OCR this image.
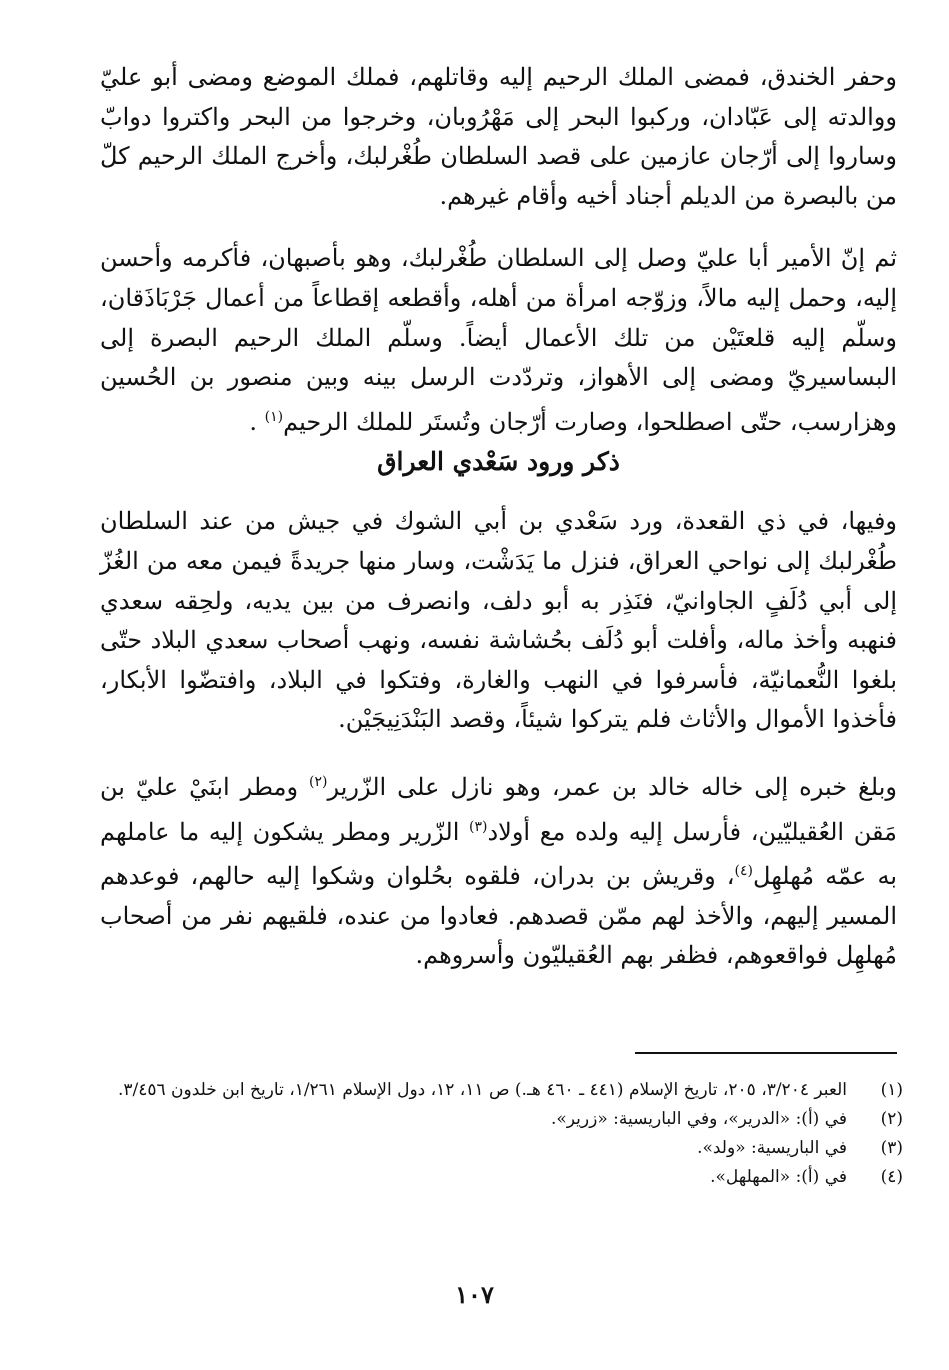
وحفر الخندق، فمضى الملك الرحيم إليه وقاتلهم، فملك الموضع ومضى أبو عليّ ووالدته إلى عَبّادان، وركبوا البحر إلى مَهْرُوبان، وخرجوا من البحر واكتروا دوابّ وساروا إلى أرّجان عازمين على قصد السلطان طُغْرلبك، وأخرج الملك الرحيم كلّ من بالبصرة من الديلم أجناد أخيه وأقام غيرهم.

ثم إنّ الأمير أبا عليّ وصل إلى السلطان طُغْرلبك، وهو بأصبهان، فأكرمه وأحسن إليه، وحمل إليه مالاً، وزوّجه امرأة من أهله، وأقطعه إقطاعاً من أعمال جَرْبَاذَقان، وسلّم إليه قلعتَيْن من تلك الأعمال أيضاً. وسلّم الملك الرحيم البصرة إلى البساسيريّ ومضى إلى الأهواز، وتردّدت الرسل بينه وبين منصور بن الحُسين وهزارسب، حتّى اصطلحوا، وصارت أرّجان وتُستَر للملك الرحيم$^{(١)}$ .

ذكر ورود سَعْدي العراق

وفيها، في ذي القعدة، ورد سَعْدي بن أبي الشوك في جيش من عند السلطان طُغْرلبك إلى نواحي العراق، فنزل ما يَدَشْت، وسار منها جريدةً فيمن معه من الغُزّ إلى أبي دُلَفٍ الجاوانيّ، فنَذِر به أبو دلف، وانصرف من بين يديه، ولحِقه سعدي فنهبه وأخذ ماله، وأفلت أبو دُلَف بحُشاشة نفسه، ونهب أصحاب سعدي البلاد حتّى بلغوا النُّعمانيّة، فأسرفوا في النهب والغارة، وفتكوا في البلاد، وافتضّوا الأبكار، فأخذوا الأموال والأثاث فلم يتركوا شيئاً، وقصد البَنْدَنِيجَيْن.

وبلغ خبره إلى خاله خالد بن عمر، وهو نازل على الزّرير$^{(٢)}$ ومطر ابنَيْ عليّ بن مَقن العُقيليّين، فأرسل إليه ولده مع أولاد$^{(٣)}$ الزّرير ومطر يشكون إليه ما عاملهم به عمّه مُهلهِل$^{(٤)}$، وقريش بن بدران، فلقوه بحُلوان وشكوا إليه حالهم، فوعدهم المسير إليهم، والأخذ لهم ممّن قصدهم. فعادوا من عنده، فلقيهم نفر من أصحاب مُهلهِل فواقعوهم، فظفر بهم العُقيليّون وأسروهم.

(١)
العبر ٣/٢٠٤، ٢٠٥، تاريخ الإسلام (٤٤١ ـ ٤٦٠ هـ.) ص ١١، ١٢، دول الإسلام ١/٢٦١، تاريخ ابن خلدون ٣/٤٥٦.
(٢)
في (أ): «الدرير»، وفي الباريسية: «زرير».
(٣)
في الباريسية: «ولد».
(٤)
في (أ): «المهلهل».
١٠٧
